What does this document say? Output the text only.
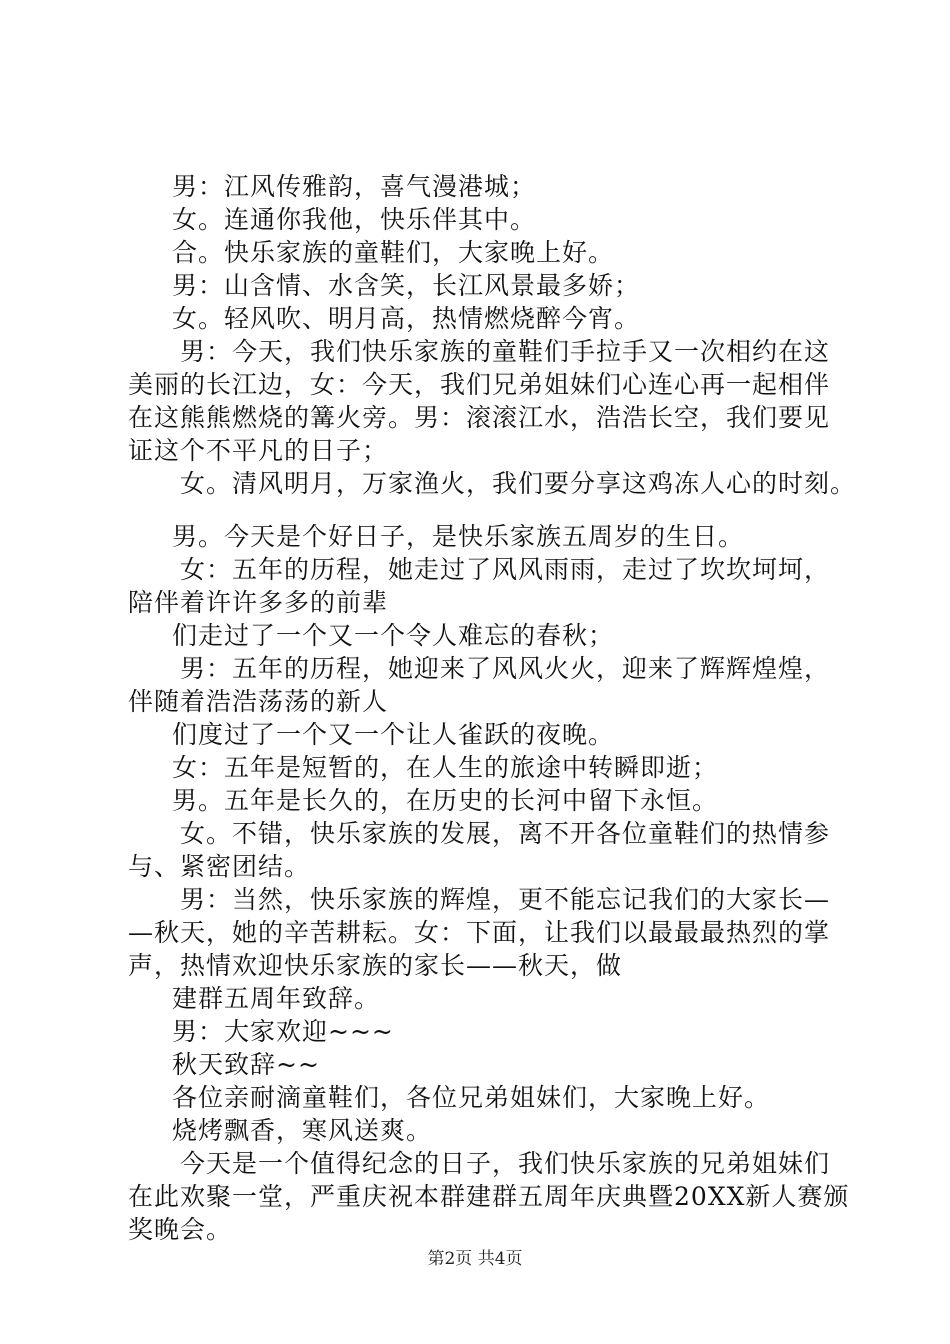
男：江风传雅韵，喜气漫港城；
女。连通你我他，快乐伴其中。
合。快乐家族的童鞋们，大家晚上好。
男：山含情、水含笑，长江风景最多娇；
女。轻风吹、明月高，热情燃烧醉今宵。
男：今天，我们快乐家族的童鞋们手拉手又一次相约在这
美丽的长江边，女：今天，我们兄弟姐妹们心连心再一起相伴
在这熊熊燃烧的篝火旁。男：滚滚江水，浩浩长空，我们要见
证这个不平凡的日子；
女。清风明月，万家渔火，我们要分享这鸡冻人心的时刻。
男。今天是个好日子，是快乐家族五周岁的生日。
女：五年的历程，她走过了风风雨雨，走过了坎坎坷坷，
陪伴着许许多多的前辈
们走过了一个又一个令人难忘的春秋；
男：五年的历程，她迎来了风风火火，迎来了辉辉煌煌，
伴随着浩浩荡荡的新人
们度过了一个又一个让人雀跃的夜晚。
女：五年是短暂的，在人生的旅途中转瞬即逝；
男。五年是长久的，在历史的长河中留下永恒。
女。不错，快乐家族的发展，离不开各位童鞋们的热情参
与、紧密团结。
男：当然，快乐家族的辉煌，更不能忘记我们的大家长—
—秋天，她的辛苦耕耘。女：下面，让我们以最最最热烈的掌
声，热情欢迎快乐家族的家长——秋天，做
建群五周年致辞。
男：大家欢迎~~~
秋天致辞~~
各位亲耐滴童鞋们，各位兄弟姐妹们，大家晚上好。
烧烤飘香，寒风送爽。
今天是一个值得纪念的日子，我们快乐家族的兄弟姐妹们
在此欢聚一堂，严重庆祝本群建群五周年庆典暨20XX新人赛颁
奖晚会。
第2页 共4页
